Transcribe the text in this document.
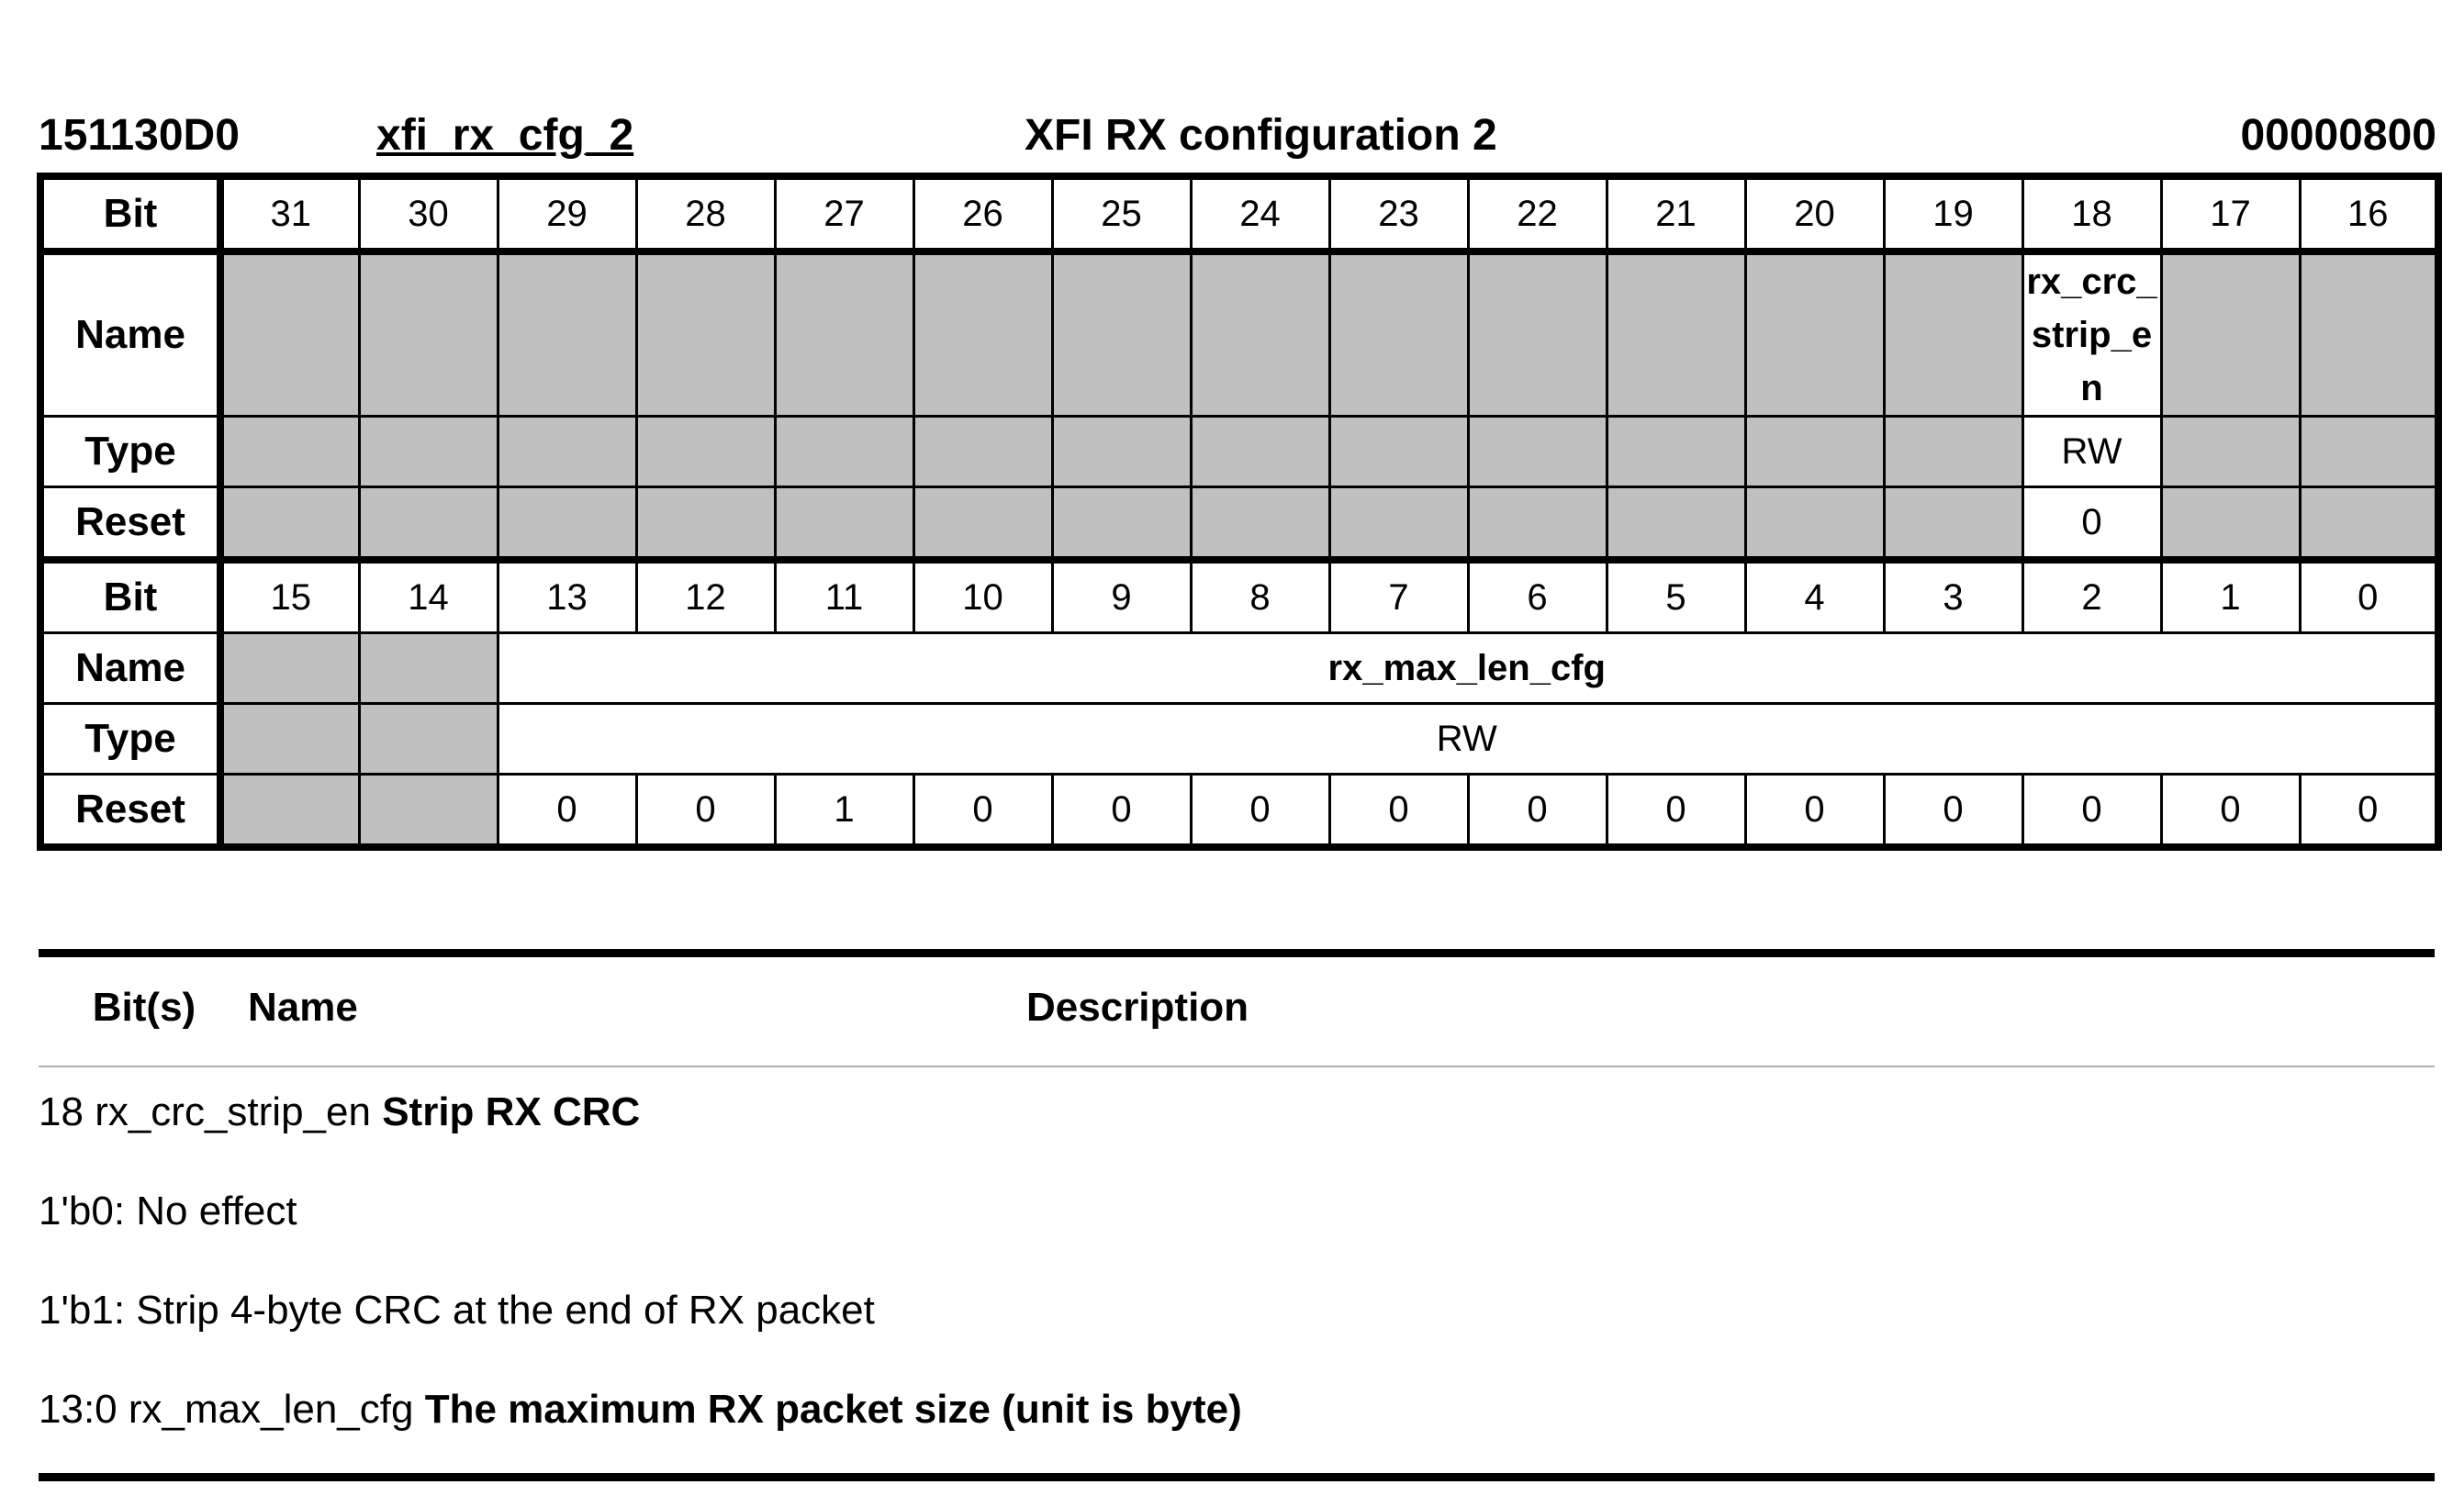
151130D0	xfi_rx_cfg_2	XFI RX configuration 2	00000800
Bit	31	30	29	28	27	26	25	24	23	22	21	20	19	18	17	16
Name														rx_crc_strip_en		
Type														RW		
Reset														0		
Bit	15	14	13	12	11	10	9	8	7	6	5	4	3	2	1	0
Name			rx_max_len_cfg													
Type			RW													
Reset			0	0	1	0	0	0	0	0	0	0	0	0	0	0
Bit(s)	Name	Description
18 rx_crc_strip_en Strip RX CRC
1'b0: No effect
1'b1: Strip 4-byte CRC at the end of RX packet
13:0 rx_max_len_cfg The maximum RX packet size (unit is byte)
